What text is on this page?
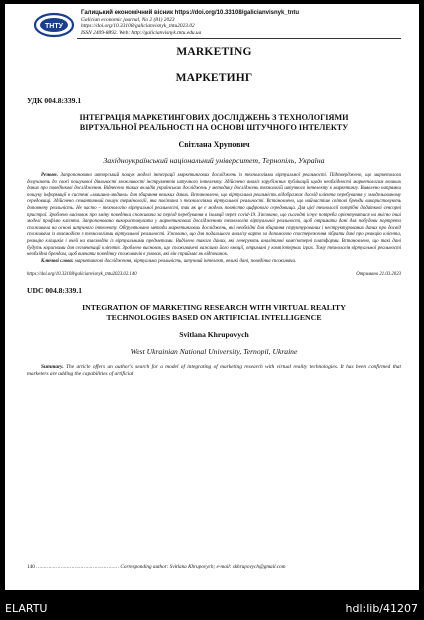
ТНТУ
Галицький економічний вісник https://doi.org/10.33108/galicianvisnyk_tntu
Galician economic journal, No 2 (81) 2023
https://doi.org/10.33108/galicianvisnyk_tntu2023.02
ISSN 2409-8892. Web: http://galicianvisnyk.tntu.edu.ua
MARKETING
МАРКЕТИНГ
УДК 004.8:339.1
ІНТЕГРАЦІЯ МАРКЕТИНГОВИХ ДОСЛІДЖЕНЬ З ТЕХНОЛОГІЯМИ ВІРТУАЛЬНОЇ РЕАЛЬНОСТІ НА ОСНОВІ ШТУЧНОГО ІНТЕЛЕКТУ
Світлана Хрупович
Західноукраїнський національний університет, Тернопіль, Україна

Резюме. Запропоновано авторський пошук моделі інтеграції маркетингових досліджень із технологіями віртуальної реальності. Підтверджено, що маркетологи долучають до своєї пошукової діяльності можливості інструментів штучного інтелекту. Здійснено аналіз зарубіжних публікацій щодо необхідності маркетологам великих даних про поведінкові дослідження. Віднесено таких вкладів українських досліджень у методику досліджень технологій штучного інтелекту в маркетингу. Виявлено напрямки пошуку інформації в системі «машина-людина» для збирання великих даних. Встановлено, що віртуальна реальність відображає досвід клієнта перебування у змодельованому середовищі. Здійснено семантичний пошук термінології, яка пов'язана з технологіями віртуальної реальності. Встановлено, що найчастіше світові бренди використовують доповнену реальність. Не часто – технологію віртуальної реальності, так як це є модель повністю цифрового середовища. Для цієї технології потрібні додаткові сенсорні пристрої. Зроблено висновок про зміну поведінки споживача за період перебування в ізоляції через covid-19. З'ясовано, що сьогодні існує потреба орієнтуватися на якісно інші моделі профілю клієнта. Запропоновано використовувати у маркетингових дослідженнях технологію віртуальної реальності, щоб отримати дані для побудови портрета споживача на основі штучного інтелекту. Обґрунтовано методи маркетингових досліджень, які необхідні для збирання структурованих і неструктурованих даних про досвід споживача із взаємодією з технологіями віртуальної реальності. З'ясовано, що для подальшого аналізу варто за допомогою спостереження зібрати дані про реакцію клієнта, реакцію кліщиків і очей на взаємодію із віртуальними предметами. Виділено такого даних, які генерують аналітичні комп'ютерні платформи. Встановлено, що такі дані будуть корисними для сегментації клієнтів. Зроблено висновок, що споживачеві важливо його емоції, отримані у комп'ютерних іграх. Тому технологія віртуальної реальності необхідна брендам, щоб вивчати поведінку споживачів в умовах, які він сприймає як відпочинок.

Ключові слова: маркетингові дослідження, віртуальна реальність, штучний інтелект, великі дані, поведінка споживача.

https://doi.org/10.33108/galicianvisnyk_tntu2023.02.140	Отримано 21.03.2023
UDC 004.8:339.1
INTEGRATION OF MARKETING RESEARCH WITH VIRTUAL REALITY TECHNOLOGIES BASED ON ARTIFICIAL INTELLIGENCE
Svitlana Khrupovych
West Ukrainian National University, Ternopil, Ukraine

Summary. The article offers an author's search for a model of integrating of marketing research with virtual reality technologies. It has been confirmed that marketers are adding the capabilities of artificial

140 ……………………………………………… Corresponding author: Svitlana Khrupovych; e-mail: skhrupovych@gmail.com
ELARTU	hdl:lib/41207
